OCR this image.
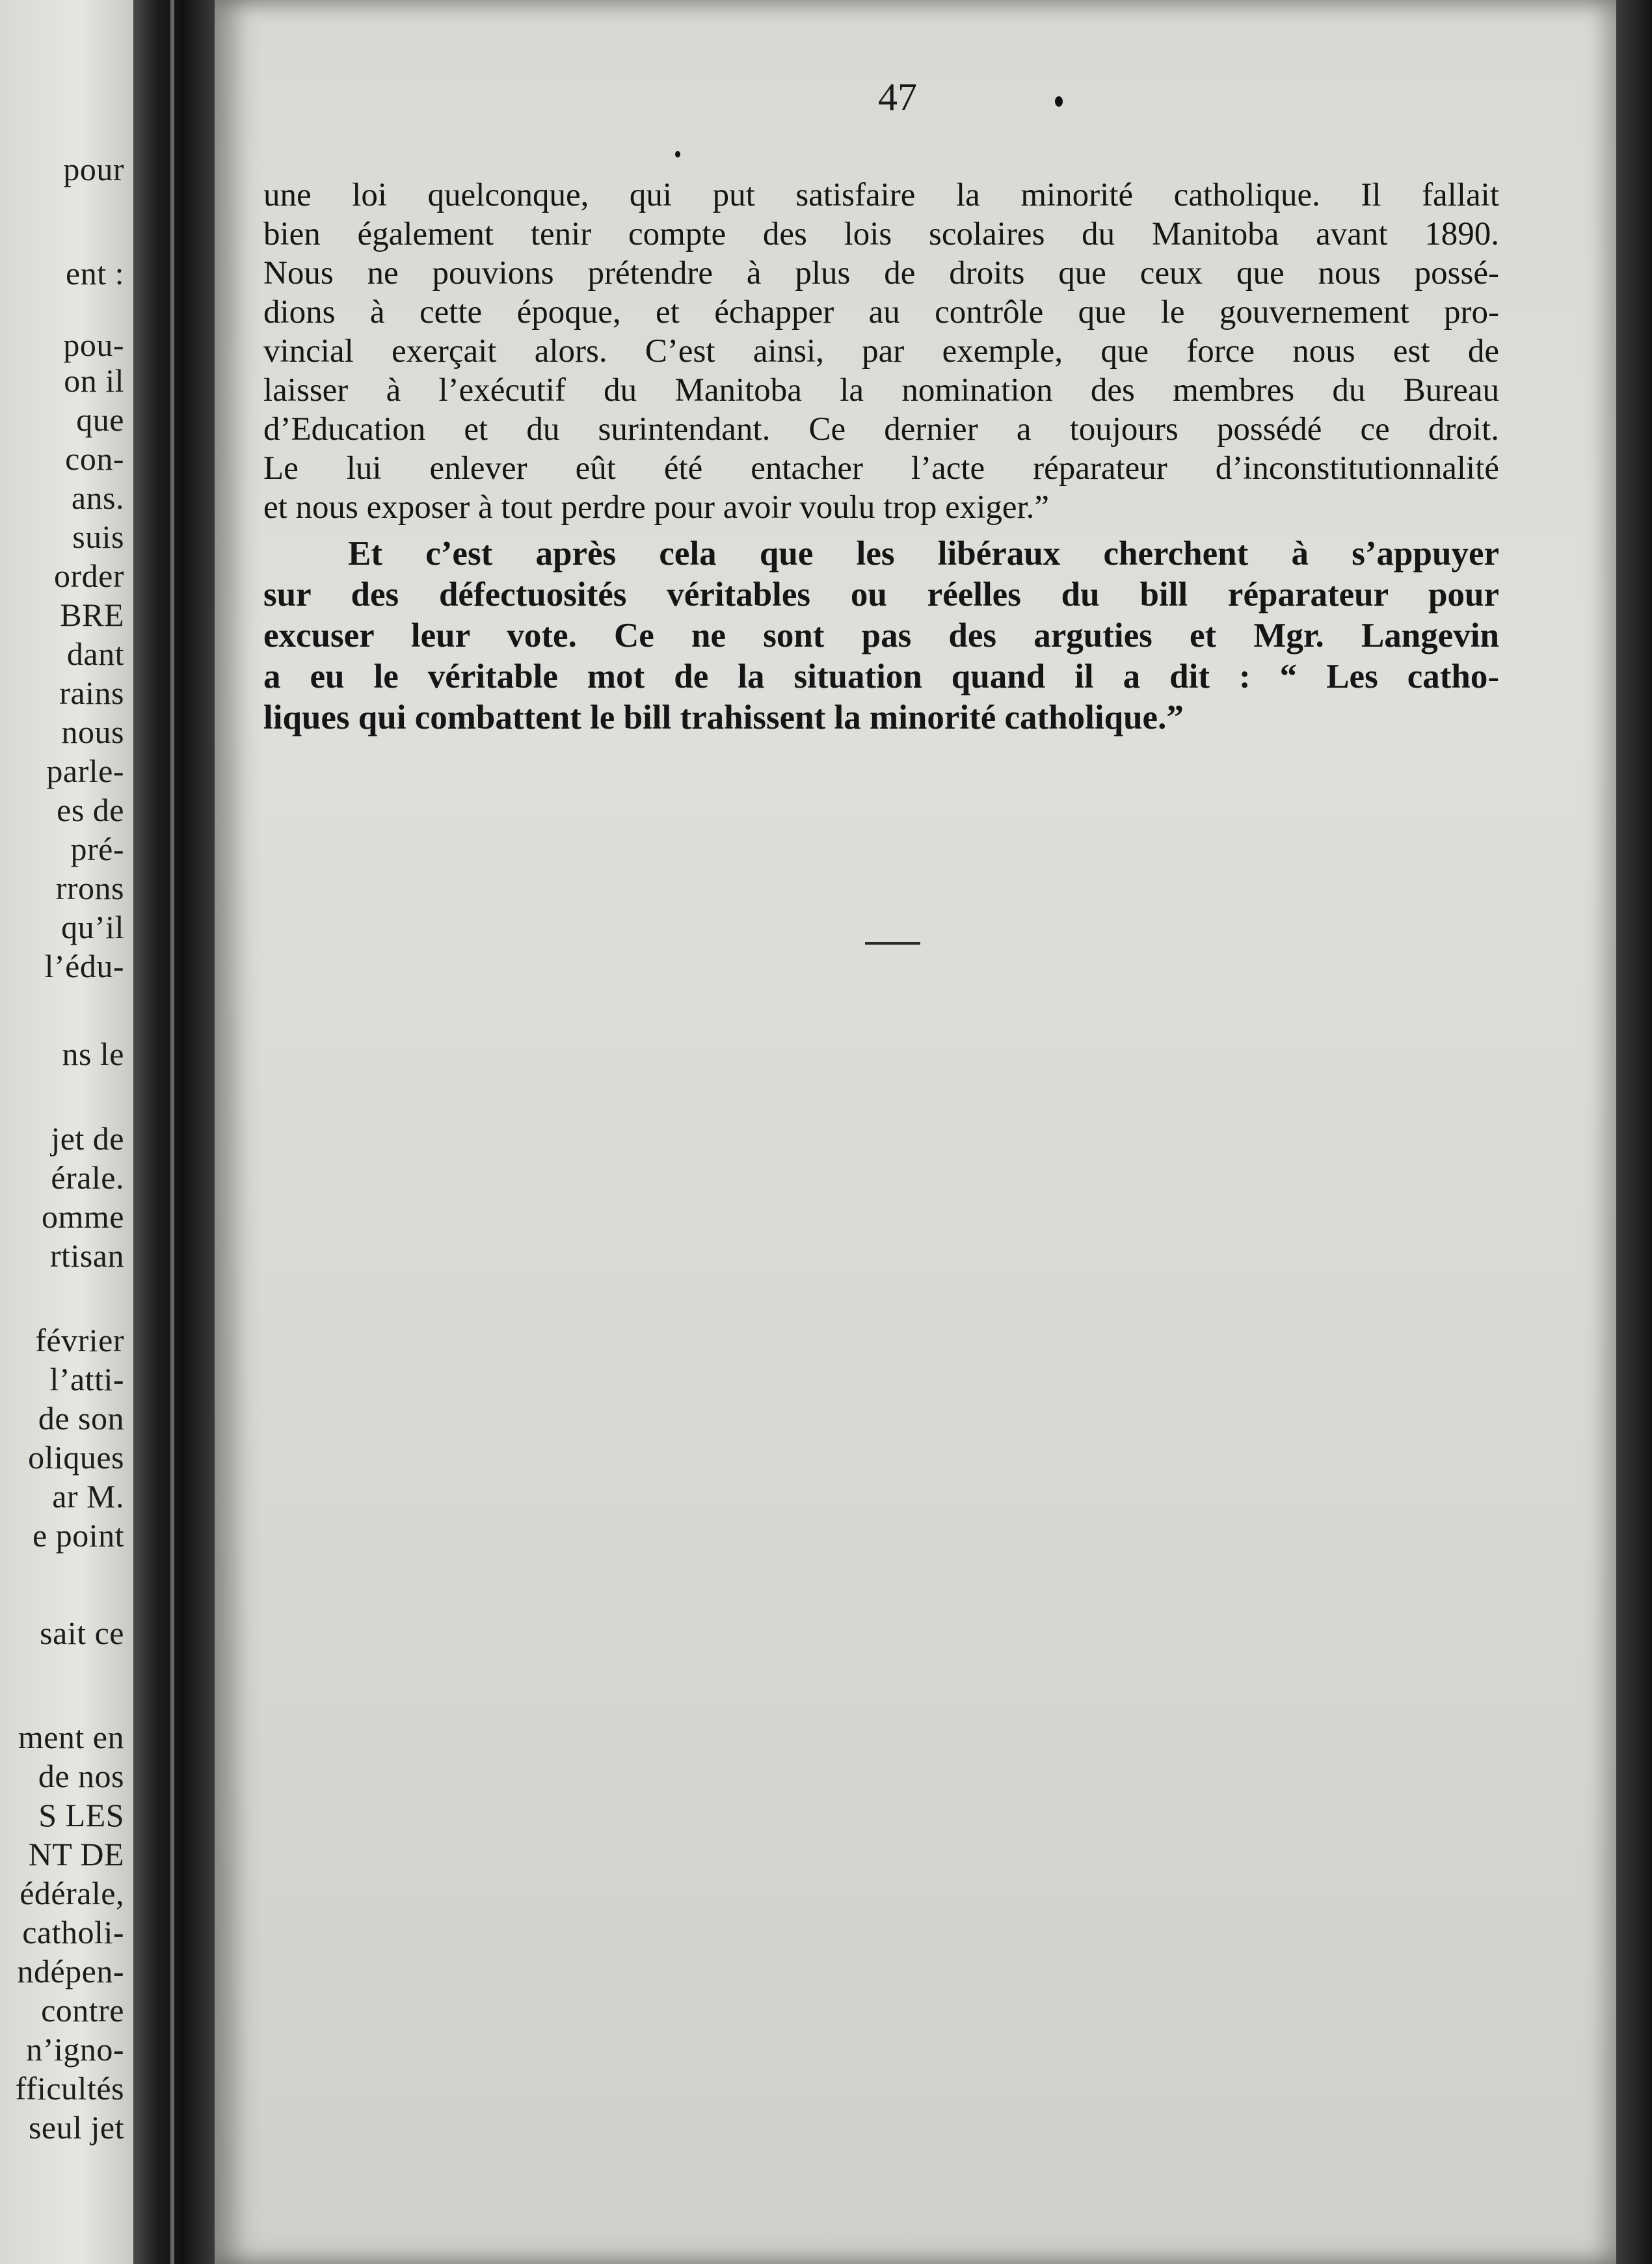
pour
ent :
pou-
on il
que
con-
ans.
suis
order
BRE
dant
rains
nous
parle-
es de
pré-
rrons
qu’il
l’édu-
ns le
jet de
érale.
omme
rtisan
février
l’atti-
de son
oliques
ar M.
e point
sait ce
ment en
de nos
S LES
NT DE
édérale,
catholi-
ndépen-
contre
n’igno-
fficultés
seul jet
47
une loi quelconque, qui put satisfaire la minorité catholique. Il fallait
bien également tenir compte des lois scolaires du Manitoba avant 1890.
Nous ne pouvions prétendre à plus de droits que ceux que nous possé-
dions à cette époque, et échapper au contrôle que le gouvernement pro-
vincial exerçait alors. C’est ainsi, par exemple, que force nous est de
laisser à l’exécutif du Manitoba la nomination des membres du Bureau
d’Education et du surintendant. Ce dernier a toujours possédé ce droit.
Le lui enlever eût été entacher l’acte réparateur d’inconstitutionnalité
et nous exposer à tout perdre pour avoir voulu trop exiger.”
Et c’est après cela que les libéraux cherchent à s’appuyer
sur des défectuosités véritables ou réelles du bill réparateur pour
excuser leur vote. Ce ne sont pas des arguties et Mgr. Langevin
a eu le véritable mot de la situation quand il a dit : “ Les catho-
liques qui combattent le bill trahissent la minorité catholique.”
